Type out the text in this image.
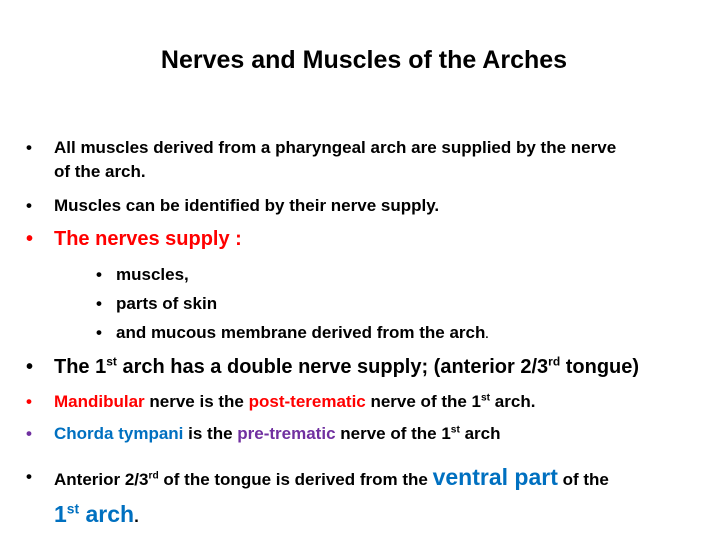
Nerves and Muscles of the Arches
• All muscles derived from a pharyngeal arch are supplied by the nerve
of the arch.
• Muscles can be identified by their nerve supply.
• The nerves supply :
• muscles,
• parts of skin
• and mucous membrane derived from the arch.
• The 1st arch has a double nerve supply; (anterior 2/3rd tongue)
• Mandibular nerve is the post-terematic nerve of the 1st arch.
• Chorda tympani is the pre-trematic nerve of the 1st arch
• Anterior 2/3rd of the tongue is derived from the ventral part of the
1st arch.
